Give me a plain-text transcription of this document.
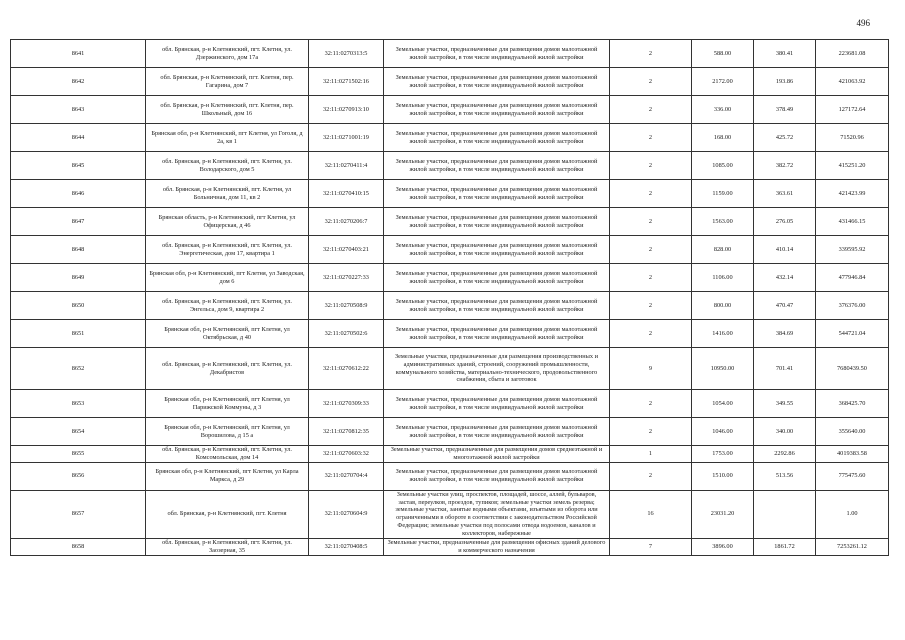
496
8641	обл. Брянская, р-н Клетнянский, пгт. Клетня, ул. Дзержинского, дом 17а	32:11:0270313:5	Земельные участки, предназначенные для размещения домов малоэтажной жилой застройки, в том числе индивидуальной жилой застройки	2	588.00	380.41	223681.08
8642	обл. Брянская, р-н Клетнянский, пгт. Клетня, пер. Гагарина, дом 7	32:11:0271502:16	Земельные участки, предназначенные для размещения домов малоэтажной жилой застройки, в том числе индивидуальной жилой застройки	2	2172.00	193.86	421063.92
8643	обл. Брянская, р-н Клетнянский, пгт. Клетня, пер. Школьный, дом 16	32:11:0270913:10	Земельные участки, предназначенные для размещения домов малоэтажной жилой застройки, в том числе индивидуальной жилой застройки	2	336.00	378.49	127172.64
8644	Брянская обл, р-н Клетнянский, пгт Клетня, ул Гоголя, д 2а, кв 1	32:11:0271001:19	Земельные участки, предназначенные для размещения домов малоэтажной жилой застройки, в том числе индивидуальной жилой застройки	2	168.00	425.72	71520.96
8645	обл. Брянская, р-н Клетнянский, пгт. Клетня, ул. Володарского, дом 5	32:11:0270411:4	Земельные участки, предназначенные для размещения домов малоэтажной жилой застройки, в том числе индивидуальной жилой застройки	2	1085.00	382.72	415251.20
8646	обл. Брянская, р-н Клетнянский, пгт. Клетня, ул Больничная, дом 11, кв 2	32:11:0270410:15	Земельные участки, предназначенные для размещения домов малоэтажной жилой застройки, в том числе индивидуальной жилой застройки	2	1159.00	363.61	421423.99
8647	Брянская область, р-н Клетнянский, пгт Клетня, ул Офицерская, д 46	32:11:0270206:7	Земельные участки, предназначенные для размещения домов малоэтажной жилой застройки, в том числе индивидуальной жилой застройки	2	1563.00	276.05	431466.15
8648	обл. Брянская, р-н Клетнянский, пгт. Клетня, ул. Энергетическая, дом 17, квартира 1	32:11:0270403:21	Земельные участки, предназначенные для размещения домов малоэтажной жилой застройки, в том числе индивидуальной жилой застройки	2	828.00	410.14	339595.92
8649	Брянская обл, р-н Клетнянский, пгт Клетня, ул Заводская, дом 6	32:11:0270227:33	Земельные участки, предназначенные для размещения домов малоэтажной жилой застройки, в том числе индивидуальной жилой застройки	2	1106.00	432.14	477946.84
8650	обл. Брянская, р-н Клетнянский, пгт. Клетня, ул. Энгельса, дом 9, квартира 2	32:11:0270508:9	Земельные участки, предназначенные для размещения домов малоэтажной жилой застройки, в том числе индивидуальной жилой застройки	2	800.00	470.47	376376.00
8651	Брянская обл, р-н Клетнянский, пгт Клетня, ул Октябрьская, д 40	32:11:0270502:6	Земельные участки, предназначенные для размещения домов малоэтажной жилой застройки, в том числе индивидуальной жилой застройки	2	1416.00	384.69	544721.04
8652	обл. Брянская, р-н Клетнянский, пгт. Клетня, ул. Декабристов	32:11:0270612:22	Земельные участки, предназначенные для размещения производственных и административных зданий, строений, сооружений промышленности, коммунального хозяйства, материально-технического, продовольственного снабжения, сбыта и заготовок	9	10950.00	701.41	7680439.50
8653	Брянская обл, р-н Клетнянский, пгт Клетня, ул Парижской Коммуны, д 3	32:11:0270309:33	Земельные участки, предназначенные для размещения домов малоэтажной жилой застройки, в том числе индивидуальной жилой застройки	2	1054.00	349.55	368425.70
8654	Брянская обл, р-н Клетнянский, пгт Клетня, ул Ворошилова, д 15 а	32:11:0270812:35	Земельные участки, предназначенные для размещения домов малоэтажной жилой застройки, в том числе индивидуальной жилой застройки	2	1046.00	340.00	355640.00
8655	обл. Брянская, р-н Клетнянский, пгт. Клетня, ул. Комсомольская, дом 14	32:11:0270603:32	Земельные участки, предназначенные для размещения домов среднеэтажной и многоэтажной жилой застройки	1	1753.00	2292.86	4019383.58
8656	Брянская обл, р-н Клетнянский, пгт Клетня, ул Карла Маркса, д 29	32:11:0270704:4	Земельные участки, предназначенные для размещения домов малоэтажной жилой застройки, в том числе индивидуальной жилой застройки	2	1510.00	513.56	775475.60
8657	обл. Брянская, р-н Клетнянский, пгт. Клетня	32:11:0270604:9	Земельные участки улиц, проспектов, площадей, шоссе, аллей, бульваров, застав, переулков, проездов, тупиков; земельные участки земель резерва; земельные участки, занятые водными объектами, изъятыми из оборота или ограниченными в обороте в соответствии с законодательством Российской Федерации; земельные участки под полосами отвода водоемов, каналов и коллекторов, набережные	16	23031.20		1.00
8658	обл. Брянская, р-н Клетнянский, пгт. Клетня, ул. Заозерная, 35	32:11:0270408:5	Земельные участки, предназначенные для размещения офисных зданий делового и коммерческого назначения	7	3896.00	1861.72	7253261.12
